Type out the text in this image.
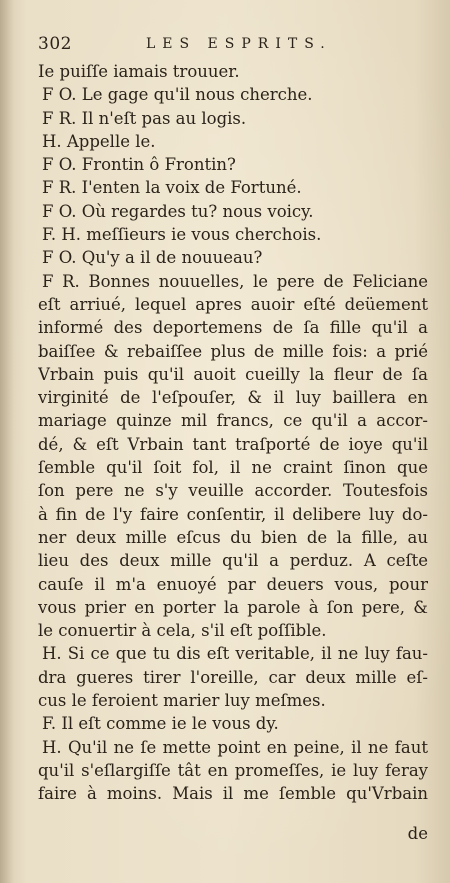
302	LES ESPRITS.
Ie puiſſe iamais trouuer.
F O. Le gage qu'il nous cherche.
F R. Il n'eſt pas au logis.
H. Appelle le.
F O. Frontin ô Frontin?
F R. I'enten la voix de Fortuné.
F O. Où regardes tu? nous voicy.
F. H. meſſieurs ie vous cherchois.
F O. Qu'y a il de nouueau?
F R. Bonnes nouuelles, le pere de Feliciane
eſt arriué, lequel apres auoir eſté deüement
informé des deportemens de ſa fille qu'il a
baiſſee & rebaiſſee plus de mille fois: a prié
Vrbain puis qu'il auoit cueilly la fleur de ſa
virginité de l'eſpouſer, & il luy baillera en
mariage quinze mil francs, ce qu'il a accor-
dé, & eſt Vrbain tant traſporté de ioye qu'il
ſemble qu'il ſoit fol, il ne craint ſinon que
ſon pere ne s'y veuille accorder. Toutesfois
à fin de l'y faire conſentir, il delibere luy do-
ner deux mille eſcus du bien de la fille, au
lieu des deux mille qu'il a perduz. A ceſte
cauſe il m'a enuoyé par deuers vous, pour
vous prier en porter la parole à ſon pere, &
le conuertir à cela, s'il eſt poſſible.
H. Si ce que tu dis eſt veritable, il ne luy fau-
dra gueres tirer l'oreille, car deux mille eſ-
cus le feroient marier luy meſmes.
F. Il eſt comme ie le vous dy.
H. Qu'il ne ſe mette point en peine, il ne faut
qu'il s'eſlargiſſe tât en promeſſes, ie luy feray
faire à moins. Mais il me ſemble qu'Vrbain
de
